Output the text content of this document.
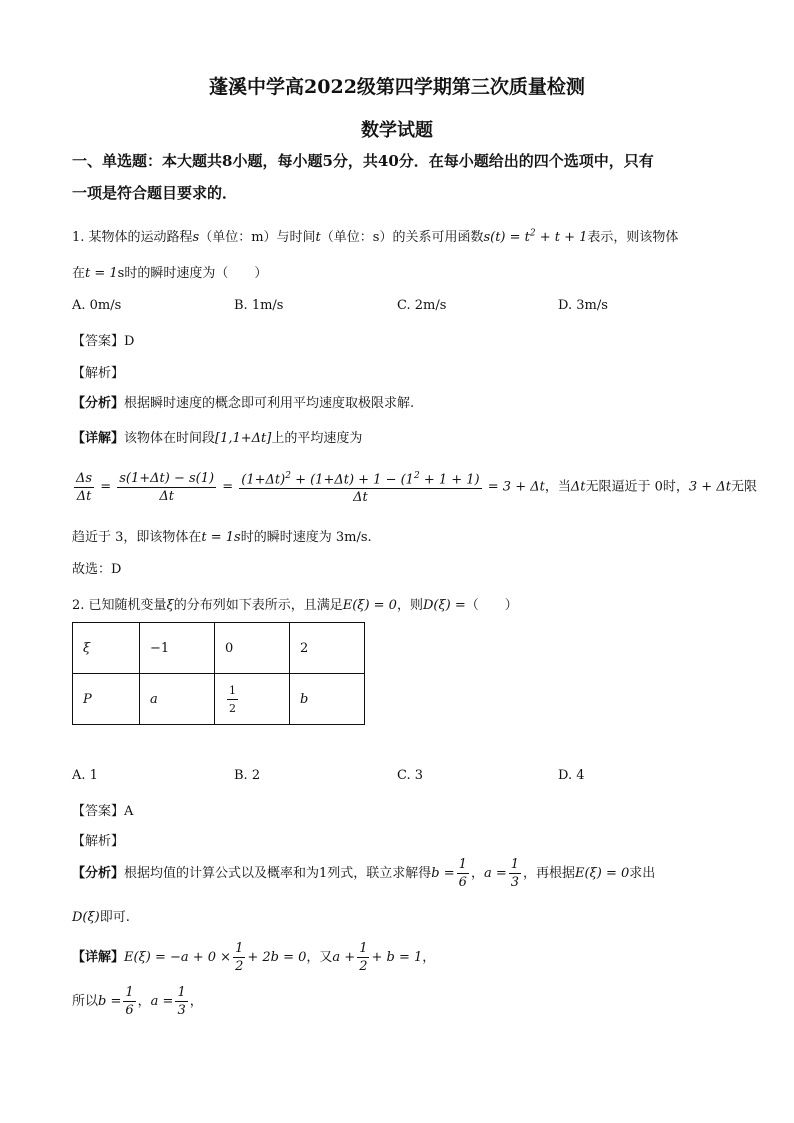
蓬溪中学高2022级第四学期第三次质量检测
数学试题
一、单选题：本大题共8小题，每小题5分，共40分．在每小题给出的四个选项中，只有
一项是符合题目要求的．
1. 某物体的运动路程s（单位：m）与时间t（单位：s）的关系可用函数$s(t) = t^2 + t + 1$表示，则该物体
在t = 1s时的瞬时速度为（　　）
A. 0m/s	B. 1m/s	C. 2m/s	D. 3m/s
【答案】D
【解析】
【分析】根据瞬时速度的概念即可利用平均速度取极限求解.
【详解】该物体在时间段[1,1+Δt]上的平均速度为
$\frac{\Delta s}{\Delta t} = \frac{s(1+\Delta t) - s(1)}{\Delta t} = \frac{(1+\Delta t)^2 + (1+\Delta t) + 1 - (1^2 + 1 + 1)}{\Delta t} = 3 + \Delta t$，当Δt无限逼近于 0时，3 + Δt无限
趋近于 3，即该物体在t = 1s时的瞬时速度为 3m/s.
故选：D
2. 已知随机变量ξ的分布列如下表所示，且满足E(ξ) = 0，则D(ξ) =（　　）
ξ	−1	0	2
P	a	$\frac{1}{2}$	b
A. 1	B. 2	C. 3	D. 4
【答案】A
【解析】
【分析】根据均值的计算公式以及概率和为1列式，联立求解得$b = \frac{1}{6}$ ，$a = \frac{1}{3}$ ，再根据E(ξ) = 0求出
D(ξ)即可.
【详解】$E(\xi) = -a + 0 \times \frac{1}{2} + 2b = 0$，又$a + \frac{1}{2} + b = 1$，
所以$b = \frac{1}{6}$ ，$a = \frac{1}{3}$ ，
